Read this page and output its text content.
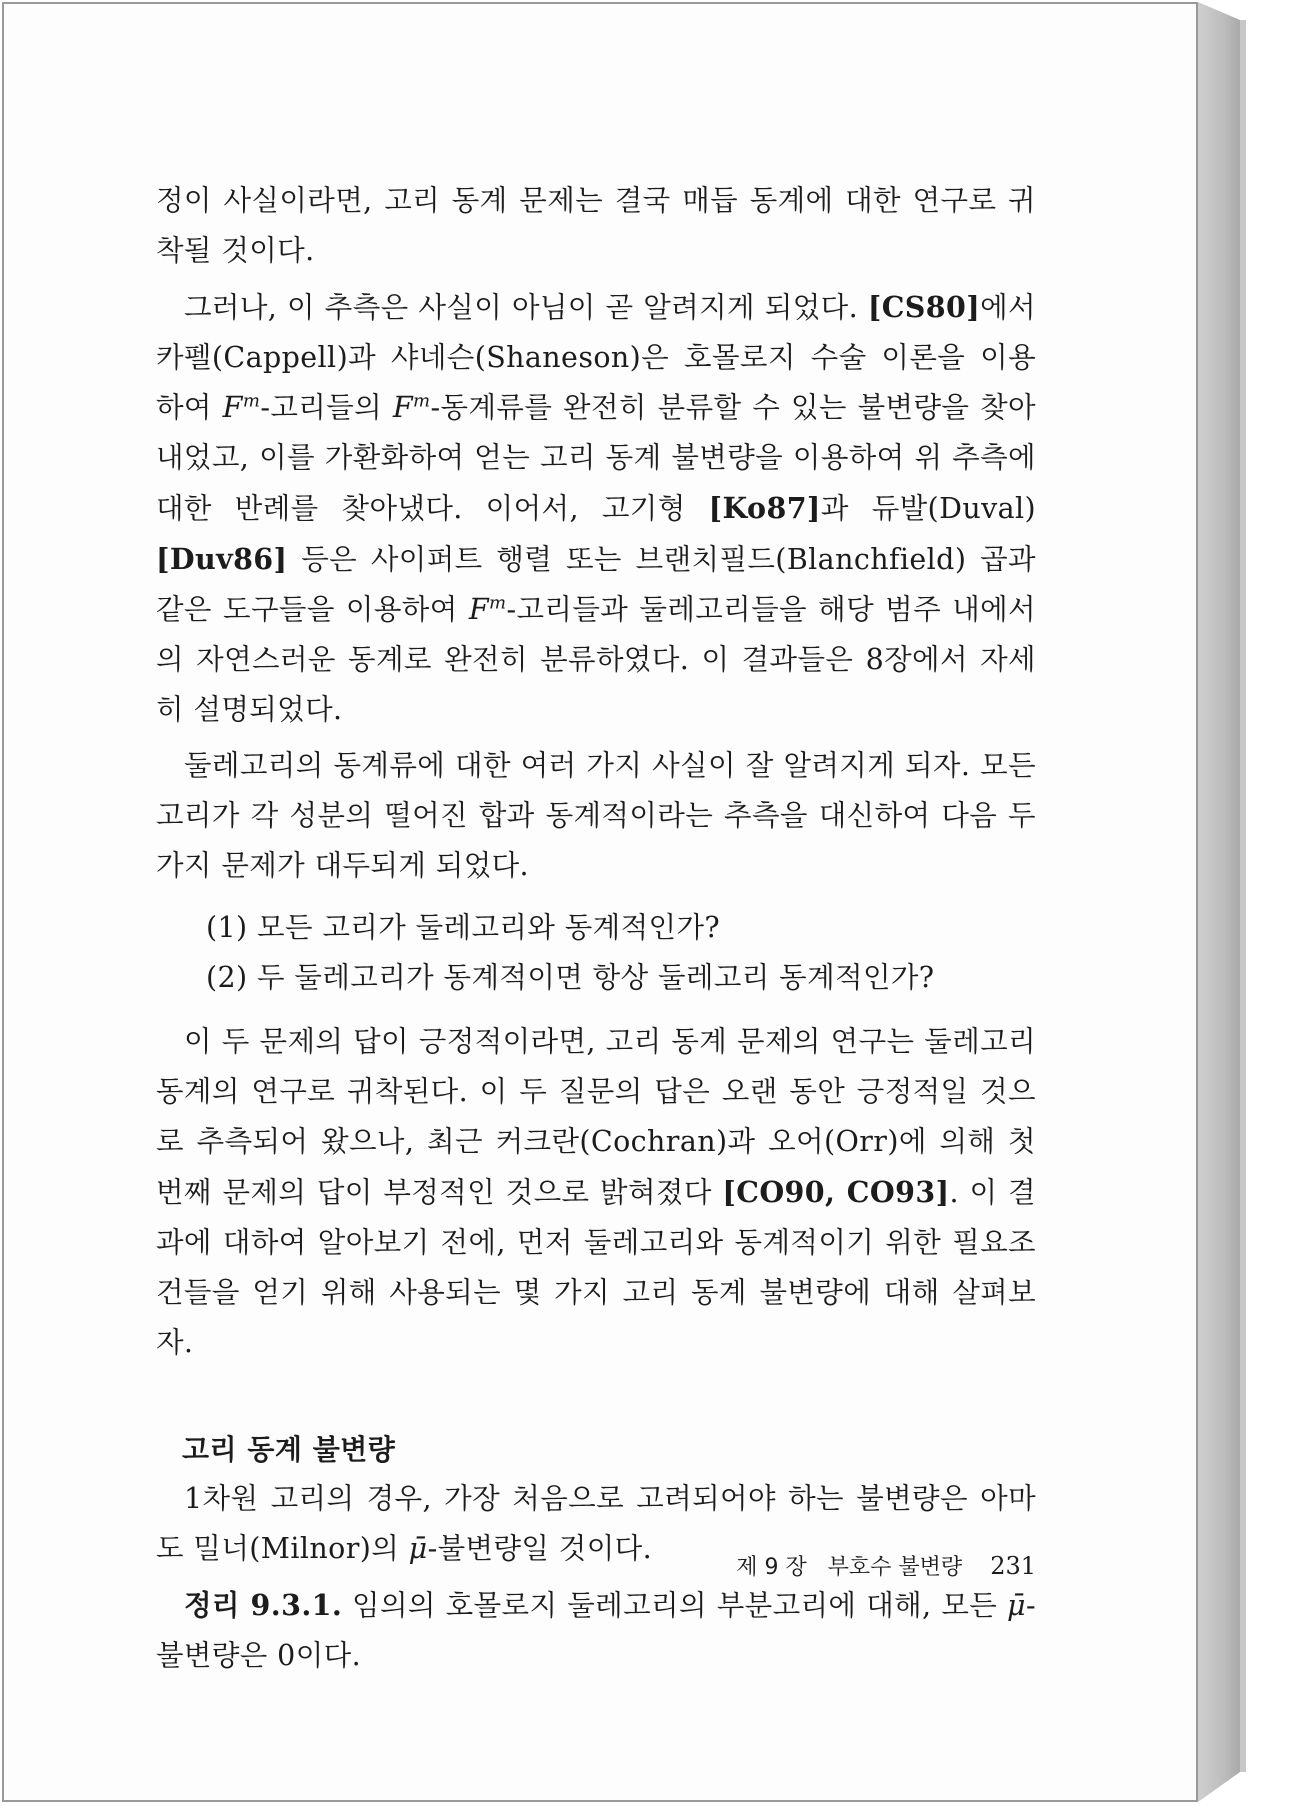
정이 사실이라면, 고리 동계 문제는 결국 매듭 동계에 대한 연구로 귀착될 것이다.

그러나, 이 추측은 사실이 아님이 곧 알려지게 되었다. [CS80]에서 카펠(Cappell)과 샤네슨(Shaneson)은 호몰로지 수술 이론을 이용하여 $F^m-$고리들의 $F^m-$동계류를 완전히 분류할 수 있는 불변량을 찾아내었고, 이를 가환화하여 얻는 고리 동계 불변량을 이용하여 위 추측에 대한 반례를 찾아냈다. 이어서, 고기형 [Ko87]과 듀발(Duval) [Duv86] 등은 사이퍼트 행렬 또는 브랜치필드(Blanchfield) 곱과 같은 도구들을 이용하여 $F^m-$고리들과 둘레고리들을 해당 범주 내에서의 자연스러운 동계로 완전히 분류하였다. 이 결과들은 8장에서 자세히 설명되었다.

둘레고리의 동계류에 대한 여러 가지 사실이 잘 알려지게 되자. 모든 고리가 각 성분의 떨어진 합과 동계적이라는 추측을 대신하여 다음 두 가지 문제가 대두되게 되었다.

(1) 모든 고리가 둘레고리와 동계적인가?

(2) 두 둘레고리가 동계적이면 항상 둘레고리 동계적인가?

이 두 문제의 답이 긍정적이라면, 고리 동계 문제의 연구는 둘레고리 동계의 연구로 귀착된다. 이 두 질문의 답은 오랜 동안 긍정적일 것으로 추측되어 왔으나, 최근 커크란(Cochran)과 오어(Orr)에 의해 첫번째 문제의 답이 부정적인 것으로 밝혀졌다 [CO90, CO93]. 이 결과에 대하여 알아보기 전에, 먼저 둘레고리와 동계적이기 위한 필요조건들을 얻기 위해 사용되는 몇 가지 고리 동계 불변량에 대해 살펴보자.

고리 동계 불변량

1차원 고리의 경우, 가장 처음으로 고려되어야 하는 불변량은 아마도 밀너(Milnor)의 μ̄-불변량일 것이다.

정리 9.3.1. 임의의 호몰로지 둘레고리의 부분고리에 대해, 모든 μ̄-불변량은 0이다.

제 9 장   부호수 불변량 231
